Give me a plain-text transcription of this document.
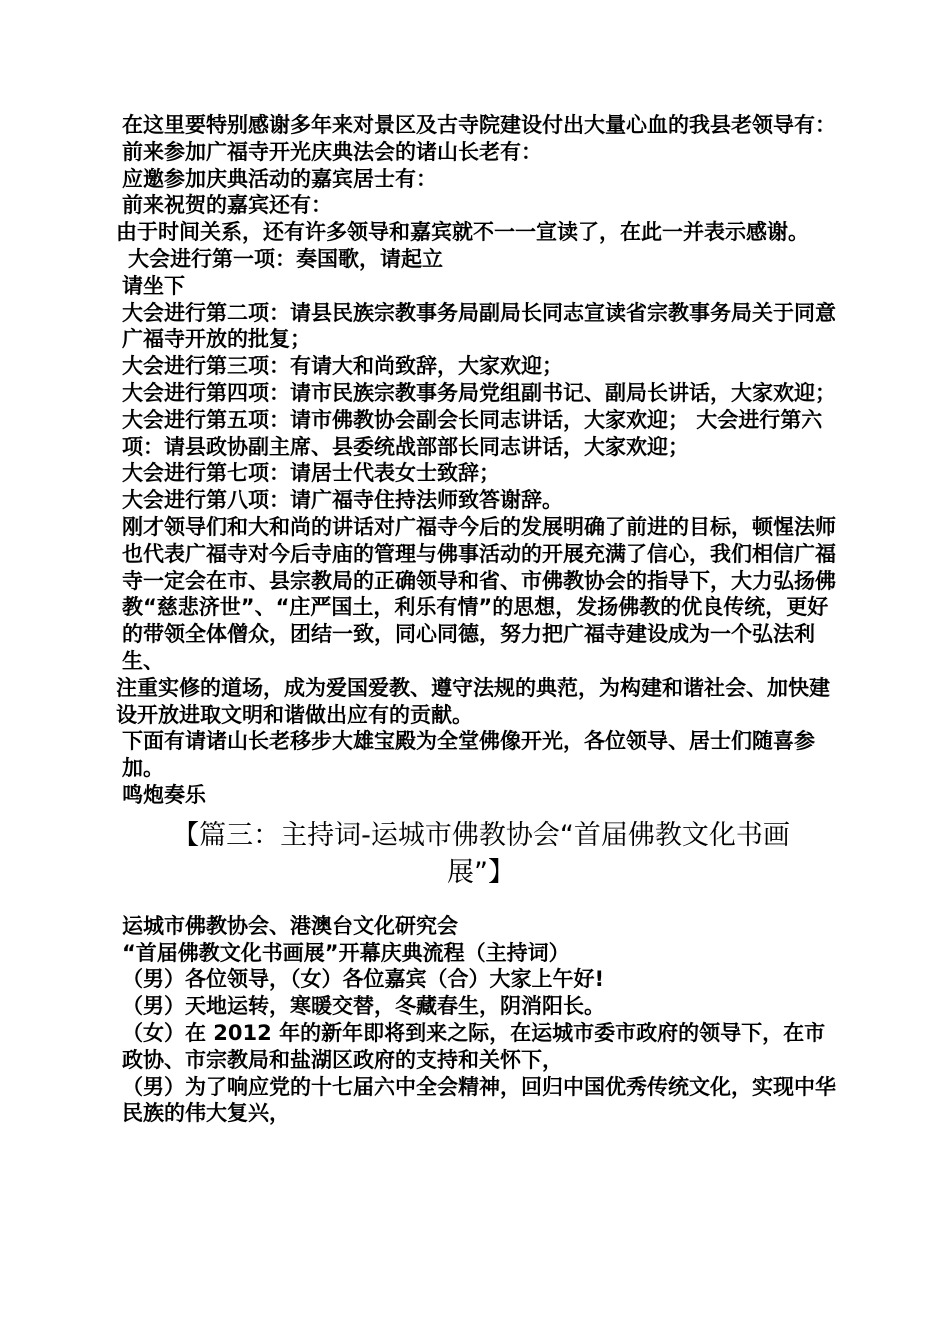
在这里要特别感谢多年来对景区及古寺院建设付出大量心血的我县老领导有：

前来参加广福寺开光庆典法会的诸山长老有：

应邀参加庆典活动的嘉宾居士有：

前来祝贺的嘉宾还有：

由于时间关系，还有许多领导和嘉宾就不一一宣读了，在此一并表示感谢。

大会进行第一项：奏国歌，请起立

请坐下

大会进行第二项：请县民族宗教事务局副局长同志宣读省宗教事务局关于同意广福寺开放的批复；

大会进行第三项：有请大和尚致辞，大家欢迎；

大会进行第四项：请市民族宗教事务局党组副书记、副局长讲话，大家欢迎；

大会进行第五项：请市佛教协会副会长同志讲话，大家欢迎； 大会进行第六项：请县政协副主席、县委统战部部长同志讲话，大家欢迎；

大会进行第七项：请居士代表女士致辞；

大会进行第八项：请广福寺住持法师致答谢辞。

刚才领导们和大和尚的讲话对广福寺今后的发展明确了前进的目标，顿惺法师也代表广福寺对今后寺庙的管理与佛事活动的开展充满了信心，我们相信广福寺一定会在市、县宗教局的正确领导和省、市佛教协会的指导下，大力弘扬佛教“慈悲济世”、“庄严国土，利乐有情”的思想，发扬佛教的优良传统，更好的带领全体僧众，团结一致，同心同德，努力把广福寺建设成为一个弘法利生、

注重实修的道场，成为爱国爱教、遵守法规的典范，为构建和谐社会、加快建设开放进取文明和谐做出应有的贡献。

下面有请诸山长老移步大雄宝殿为全堂佛像开光，各位领导、居士们随喜参加。

鸣炮奏乐

【篇三：主持词-运城市佛教协会“首届佛教文化书画展”】

运城市佛教协会、港澳台文化研究会

“首届佛教文化书画展”开幕庆典流程（主持词）

（男）各位领导，（女）各位嘉宾（合）大家上午好!

（男）天地运转，寒暖交替，冬藏春生，阴消阳长。

（女）在 2012 年的新年即将到来之际，在运城市委市政府的领导下，在市政协、市宗教局和盐湖区政府的支持和关怀下，

（男）为了响应党的十七届六中全会精神，回归中国优秀传统文化，实现中华民族的伟大复兴，
